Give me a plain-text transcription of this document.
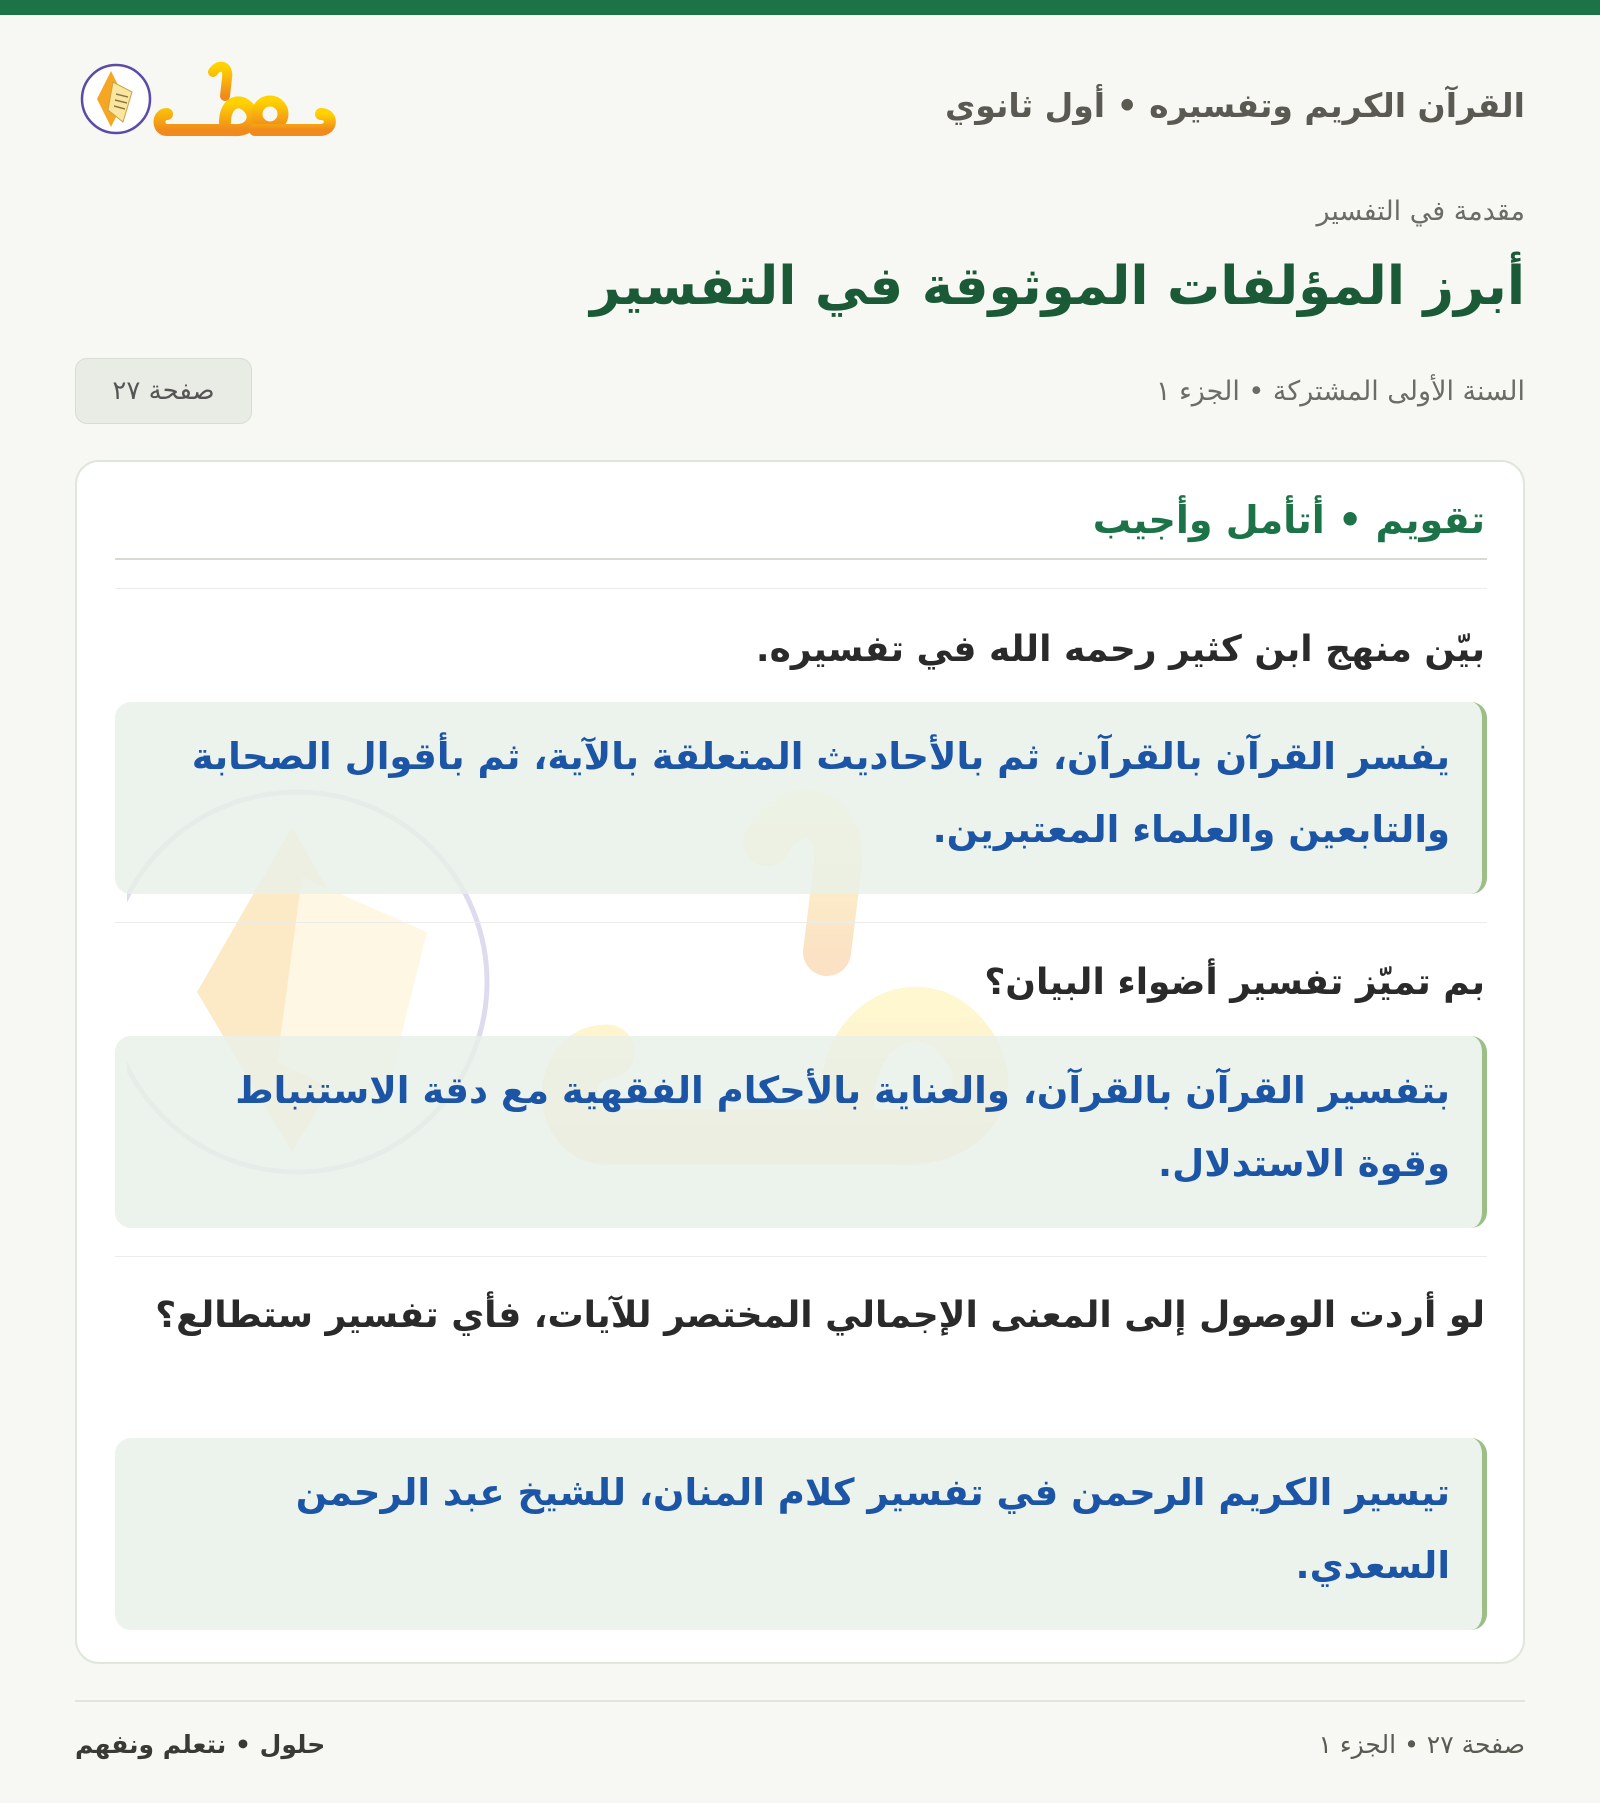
القرآن الكريم وتفسيره • أول ثانوي
مقدمة في التفسير
أبرز المؤلفات الموثوقة في التفسير
السنة الأولى المشتركة • الجزء ١
صفحة ٢٧
تقويم • أتأمل وأجيب
بيّن منهج ابن كثير رحمه الله في تفسيره.
يفسر القرآن بالقرآن، ثم بالأحاديث المتعلقة بالآية، ثم بأقوال الصحابة والتابعين والعلماء المعتبرين.
بم تميّز تفسير أضواء البيان؟
بتفسير القرآن بالقرآن، والعناية بالأحكام الفقهية مع دقة الاستنباط وقوة الاستدلال.
لو أردت الوصول إلى المعنى الإجمالي المختصر للآيات، فأي تفسير ستطالع؟
تيسير الكريم الرحمن في تفسير كلام المنان، للشيخ عبد الرحمن السعدي.
صفحة ٢٧ • الجزء ١
حلول • نتعلم ونفهم
